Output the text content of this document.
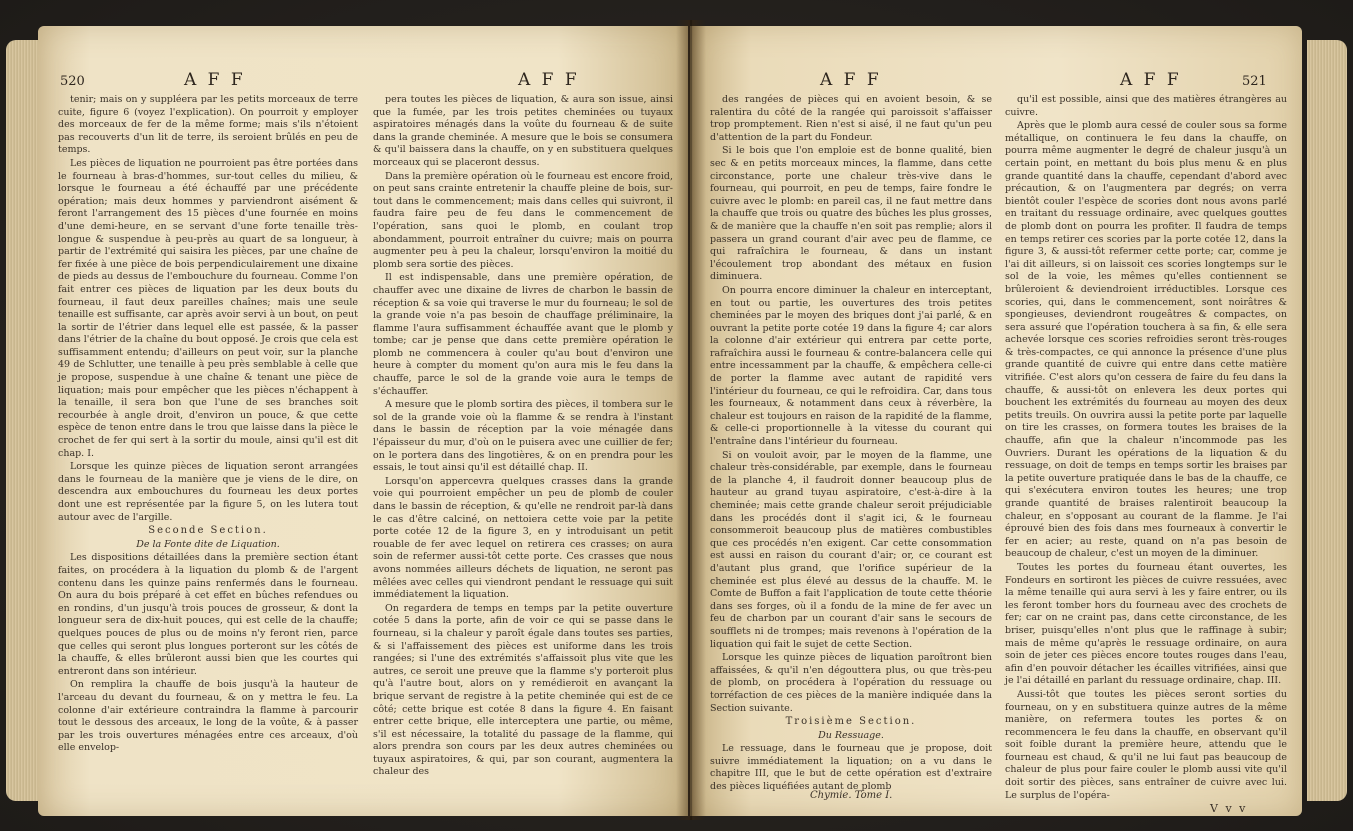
520	A F F	A F F

tenir; mais on y suppléera par les petits morceaux de terre cuite, figure 6 (voyez l'explication). On pourroit y employer des morceaux de fer de la même forme; mais s'ils n'étoient pas recouverts d'un lit de terre, ils seroient brûlés en peu de temps.

Les pièces de liquation ne pourroient pas être portées dans le fourneau à bras-d'hommes, sur-tout celles du milieu, & lorsque le fourneau a été échauffé par une précédente opération; mais deux hommes y parviendront aisément & feront l'arrangement des 15 pièces d'une fournée en moins d'une demi-heure, en se servant d'une forte tenaille très-longue & suspendue à peu-près au quart de sa longueur, à partir de l'extrémité qui saisira les pièces, par une chaîne de fer fixée à une pièce de bois perpendiculairement une dixaine de pieds au dessus de l'embouchure du fourneau. Comme l'on fait entrer ces pièces de liquation par les deux bouts du fourneau, il faut deux pareilles chaînes; mais une seule tenaille est suffisante, car après avoir servi à un bout, on peut la sortir de l'étrier dans lequel elle est passée, & la passer dans l'étrier de la chaîne du bout opposé. Je crois que cela est suffisamment entendu; d'ailleurs on peut voir, sur la planche 49 de Schlutter, une tenaille à peu près semblable à celle que je propose, suspendue à une chaîne & tenant une pièce de liquation; mais pour empêcher que les pièces n'échappent à la tenaille, il sera bon que l'une de ses branches soit recourbée à angle droit, d'environ un pouce, & que cette espèce de tenon entre dans le trou que laisse dans la pièce le crochet de fer qui sert à la sortir du moule, ainsi qu'il est dit chap. I.

Lorsque les quinze pièces de liquation seront arrangées dans le fourneau de la manière que je viens de le dire, on descendra aux embouchures du fourneau les deux portes dont une est représentée par la figure 5, on les lutera tout autour avec de l'argille.

Seconde Section.

De la Fonte dite de Liquation.

Les dispositions détaillées dans la première section étant faites, on procédera à la liquation du plomb & de l'argent contenu dans les quinze pains renfermés dans le fourneau. On aura du bois préparé à cet effet en bûches refendues ou en rondins, d'un jusqu'à trois pouces de grosseur, & dont la longueur sera de dix-huit pouces, qui est celle de la chauffe; quelques pouces de plus ou de moins n'y feront rien, parce que celles qui seront plus longues porteront sur les côtés de la chauffe, & elles brûleront aussi bien que les courtes qui entreront dans son intérieur.

On remplira la chauffe de bois jusqu'à la hauteur de l'arceau du devant du fourneau, & on y mettra le feu. La colonne d'air extérieure contraindra la flamme à parcourir tout le dessous des arceaux, le long de la voûte, & à passer par les trois ouvertures ménagées entre ces arceaux, d'où elle envelop-

pera toutes les pièces de liquation, & aura son issue, ainsi que la fumée, par les trois petites cheminées ou tuyaux aspiratoires ménagés dans la voûte du fourneau & de suite dans la grande cheminée. A mesure que le bois se consumera & qu'il baissera dans la chauffe, on y en substituera quelques morceaux qui se placeront dessus.

Dans la première opération où le fourneau est encore froid, on peut sans crainte entretenir la chauffe pleine de bois, sur-tout dans le commencement; mais dans celles qui suivront, il faudra faire peu de feu dans le commencement de l'opération, sans quoi le plomb, en coulant trop abondamment, pourroit entraîner du cuivre; mais on pourra augmenter peu à peu la chaleur, lorsqu'environ la moitié du plomb sera sortie des pièces.

Il est indispensable, dans une première opération, de chauffer avec une dixaine de livres de charbon le bassin de réception & sa voie qui traverse le mur du fourneau; le sol de la grande voie n'a pas besoin de chauffage préliminaire, la flamme l'aura suffisamment échauffée avant que le plomb y tombe; car je pense que dans cette première opération le plomb ne commencera à couler qu'au bout d'environ une heure à compter du moment qu'on aura mis le feu dans la chauffe, parce le sol de la grande voie aura le temps de s'échauffer.

A mesure que le plomb sortira des pièces, il tombera sur le sol de la grande voie où la flamme & se rendra à l'instant dans le bassin de réception par la voie ménagée dans l'épaisseur du mur, d'où on le puisera avec une cuillier de fer; on le portera dans des lingotières, & on en prendra pour les essais, le tout ainsi qu'il est détaillé chap. II.

Lorsqu'on appercevra quelques crasses dans la grande voie qui pourroient empêcher un peu de plomb de couler dans le bassin de réception, & qu'elle ne rendroit par-là dans le cas d'être calciné, on nettoiera cette voie par la petite porte cotée 12 de la figure 3, en y introduisant un petit rouable de fer avec lequel on retirera ces crasses; on aura soin de refermer aussi-tôt cette porte. Ces crasses que nous avons nommées ailleurs déchets de liquation, ne seront pas mêlées avec celles qui viendront pendant le ressuage qui suit immédiatement la liquation.

On regardera de temps en temps par la petite ouverture cotée 5 dans la porte, afin de voir ce qui se passe dans le fourneau, si la chaleur y paroît égale dans toutes ses parties, & si l'affaissement des pièces est uniforme dans les trois rangées; si l'une des extrémités s'affaissoit plus vite que les autres, ce seroit une preuve que la flamme s'y porteroit plus qu'à l'autre bout, alors on y remédieroit en avançant la brique servant de registre à la petite cheminée qui est de ce côté; cette brique est cotée 8 dans la figure 4. En faisant entrer cette brique, elle interceptera une partie, ou même, s'il est nécessaire, la totalité du passage de la flamme, qui alors prendra son cours par les deux autres cheminées ou tuyaux aspiratoires, & qui, par son courant, augmentera la chaleur des

A F F	A F F	521

des rangées de pièces qui en avoient besoin, & se ralentira du côté de la rangée qui paroissoit s'affaisser trop promptement. Rien n'est si aisé, il ne faut qu'un peu d'attention de la part du Fondeur.

Si le bois que l'on emploie est de bonne qualité, bien sec & en petits morceaux minces, la flamme, dans cette circonstance, porte une chaleur très-vive dans le fourneau, qui pourroit, en peu de temps, faire fondre le cuivre avec le plomb: en pareil cas, il ne faut mettre dans la chauffe que trois ou quatre des bûches les plus grosses, & de manière que la chauffe n'en soit pas remplie; alors il passera un grand courant d'air avec peu de flamme, ce qui rafraîchira le fourneau, & dans un instant l'écoulement trop abondant des métaux en fusion diminuera.

On pourra encore diminuer la chaleur en interceptant, en tout ou partie, les ouvertures des trois petites cheminées par le moyen des briques dont j'ai parlé, & en ouvrant la petite porte cotée 19 dans la figure 4; car alors la colonne d'air extérieur qui entrera par cette porte, rafraîchira aussi le fourneau & contre-balancera celle qui entre incessamment par la chauffe, & empêchera celle-ci de porter la flamme avec autant de rapidité vers l'intérieur du fourneau, ce qui le refroidira. Car, dans tous les fourneaux, & notamment dans ceux à réverbère, la chaleur est toujours en raison de la rapidité de la flamme, & celle-ci proportionnelle à la vitesse du courant qui l'entraîne dans l'intérieur du fourneau.

Si on vouloit avoir, par le moyen de la flamme, une chaleur très-considérable, par exemple, dans le fourneau de la planche 4, il faudroit donner beaucoup plus de hauteur au grand tuyau aspiratoire, c'est-à-dire à la cheminée; mais cette grande chaleur seroit préjudiciable dans les procédés dont il s'agit ici, & le fourneau consommeroit beaucoup plus de matières combustibles que ces procédés n'en exigent. Car cette consommation est aussi en raison du courant d'air; or, ce courant est d'autant plus grand, que l'orifice supérieur de la cheminée est plus élevé au dessus de la chauffe. M. le Comte de Buffon a fait l'application de toute cette théorie dans ses forges, où il a fondu de la mine de fer avec un feu de charbon par un courant d'air sans le secours de soufflets ni de trompes; mais revenons à l'opération de la liquation qui fait le sujet de cette Section.

Lorsque les quinze pièces de liquation paroîtront bien affaissées, & qu'il n'en dégouttera plus, ou que très-peu de plomb, on procédera à l'opération du ressuage ou torréfaction de ces pièces de la manière indiquée dans la Section suivante.

Troisième Section.

Du Ressuage.

Le ressuage, dans le fourneau que je propose, doit suivre immédiatement la liquation; on a vu dans le chapitre III, que le but de cette opération est d'extraire des pièces liquéfiées autant de plomb

Chymie. Tome I.

qu'il est possible, ainsi que des matières étrangères au cuivre.

Après que le plomb aura cessé de couler sous sa forme métallique, on continuera le feu dans la chauffe, on pourra même augmenter le degré de chaleur jusqu'à un certain point, en mettant du bois plus menu & en plus grande quantité dans la chauffe, cependant d'abord avec précaution, & on l'augmentera par degrés; on verra bientôt couler l'espèce de scories dont nous avons parlé en traitant du ressuage ordinaire, avec quelques gouttes de plomb dont on pourra les profiter. Il faudra de temps en temps retirer ces scories par la porte cotée 12, dans la figure 3, & aussi-tôt refermer cette porte; car, comme je l'ai dit ailleurs, si on laissoit ces scories longtemps sur le sol de la voie, les mêmes qu'elles contiennent se brûleroient & deviendroient irréductibles. Lorsque ces scories, qui, dans le commencement, sont noirâtres & spongieuses, deviendront rougeâtres & compactes, on sera assuré que l'opération touchera à sa fin, & elle sera achevée lorsque ces scories refroidies seront très-rouges & très-compactes, ce qui annonce la présence d'une plus grande quantité de cuivre qui entre dans cette matière vitrifiée. C'est alors qu'on cessera de faire du feu dans la chauffe, & aussi-tôt on enlevera les deux portes qui bouchent les extrémités du fourneau au moyen des deux petits treuils. On ouvrira aussi la petite porte par laquelle on tire les crasses, on formera toutes les braises de la chauffe, afin que la chaleur n'incommode pas les Ouvriers. Durant les opérations de la liquation & du ressuage, on doit de temps en temps sortir les braises par la petite ouverture pratiquée dans le bas de la chauffe, ce qui s'exécutera environ toutes les heures; une trop grande quantité de braises ralentiroit beaucoup la chaleur, en s'opposant au courant de la flamme. Je l'ai éprouvé bien des fois dans mes fourneaux à convertir le fer en acier; au reste, quand on n'a pas besoin de beaucoup de chaleur, c'est un moyen de la diminuer.

Toutes les portes du fourneau étant ouvertes, les Fondeurs en sortiront les pièces de cuivre ressuées, avec la même tenaille qui aura servi à les y faire entrer, ou ils les feront tomber hors du fourneau avec des crochets de fer; car on ne craint pas, dans cette circonstance, de les briser, puisqu'elles n'ont plus que le raffinage à subir; mais de même qu'après le ressuage ordinaire, on aura soin de jeter ces pièces encore toutes rouges dans l'eau, afin d'en pouvoir détacher les écailles vitrifiées, ainsi que je l'ai détaillé en parlant du ressuage ordinaire, chap. III.

Aussi-tôt que toutes les pièces seront sorties du fourneau, on y en substituera quinze autres de la même manière, on refermera toutes les portes & on recommencera le feu dans la chauffe, en observant qu'il soit foible durant la première heure, attendu que le fourneau est chaud, & qu'il ne lui faut pas beaucoup de chaleur de plus pour faire couler le plomb aussi vite qu'il doit sortir des pièces, sans entraîner de cuivre avec lui. Le surplus de l'opéra-

V v v
